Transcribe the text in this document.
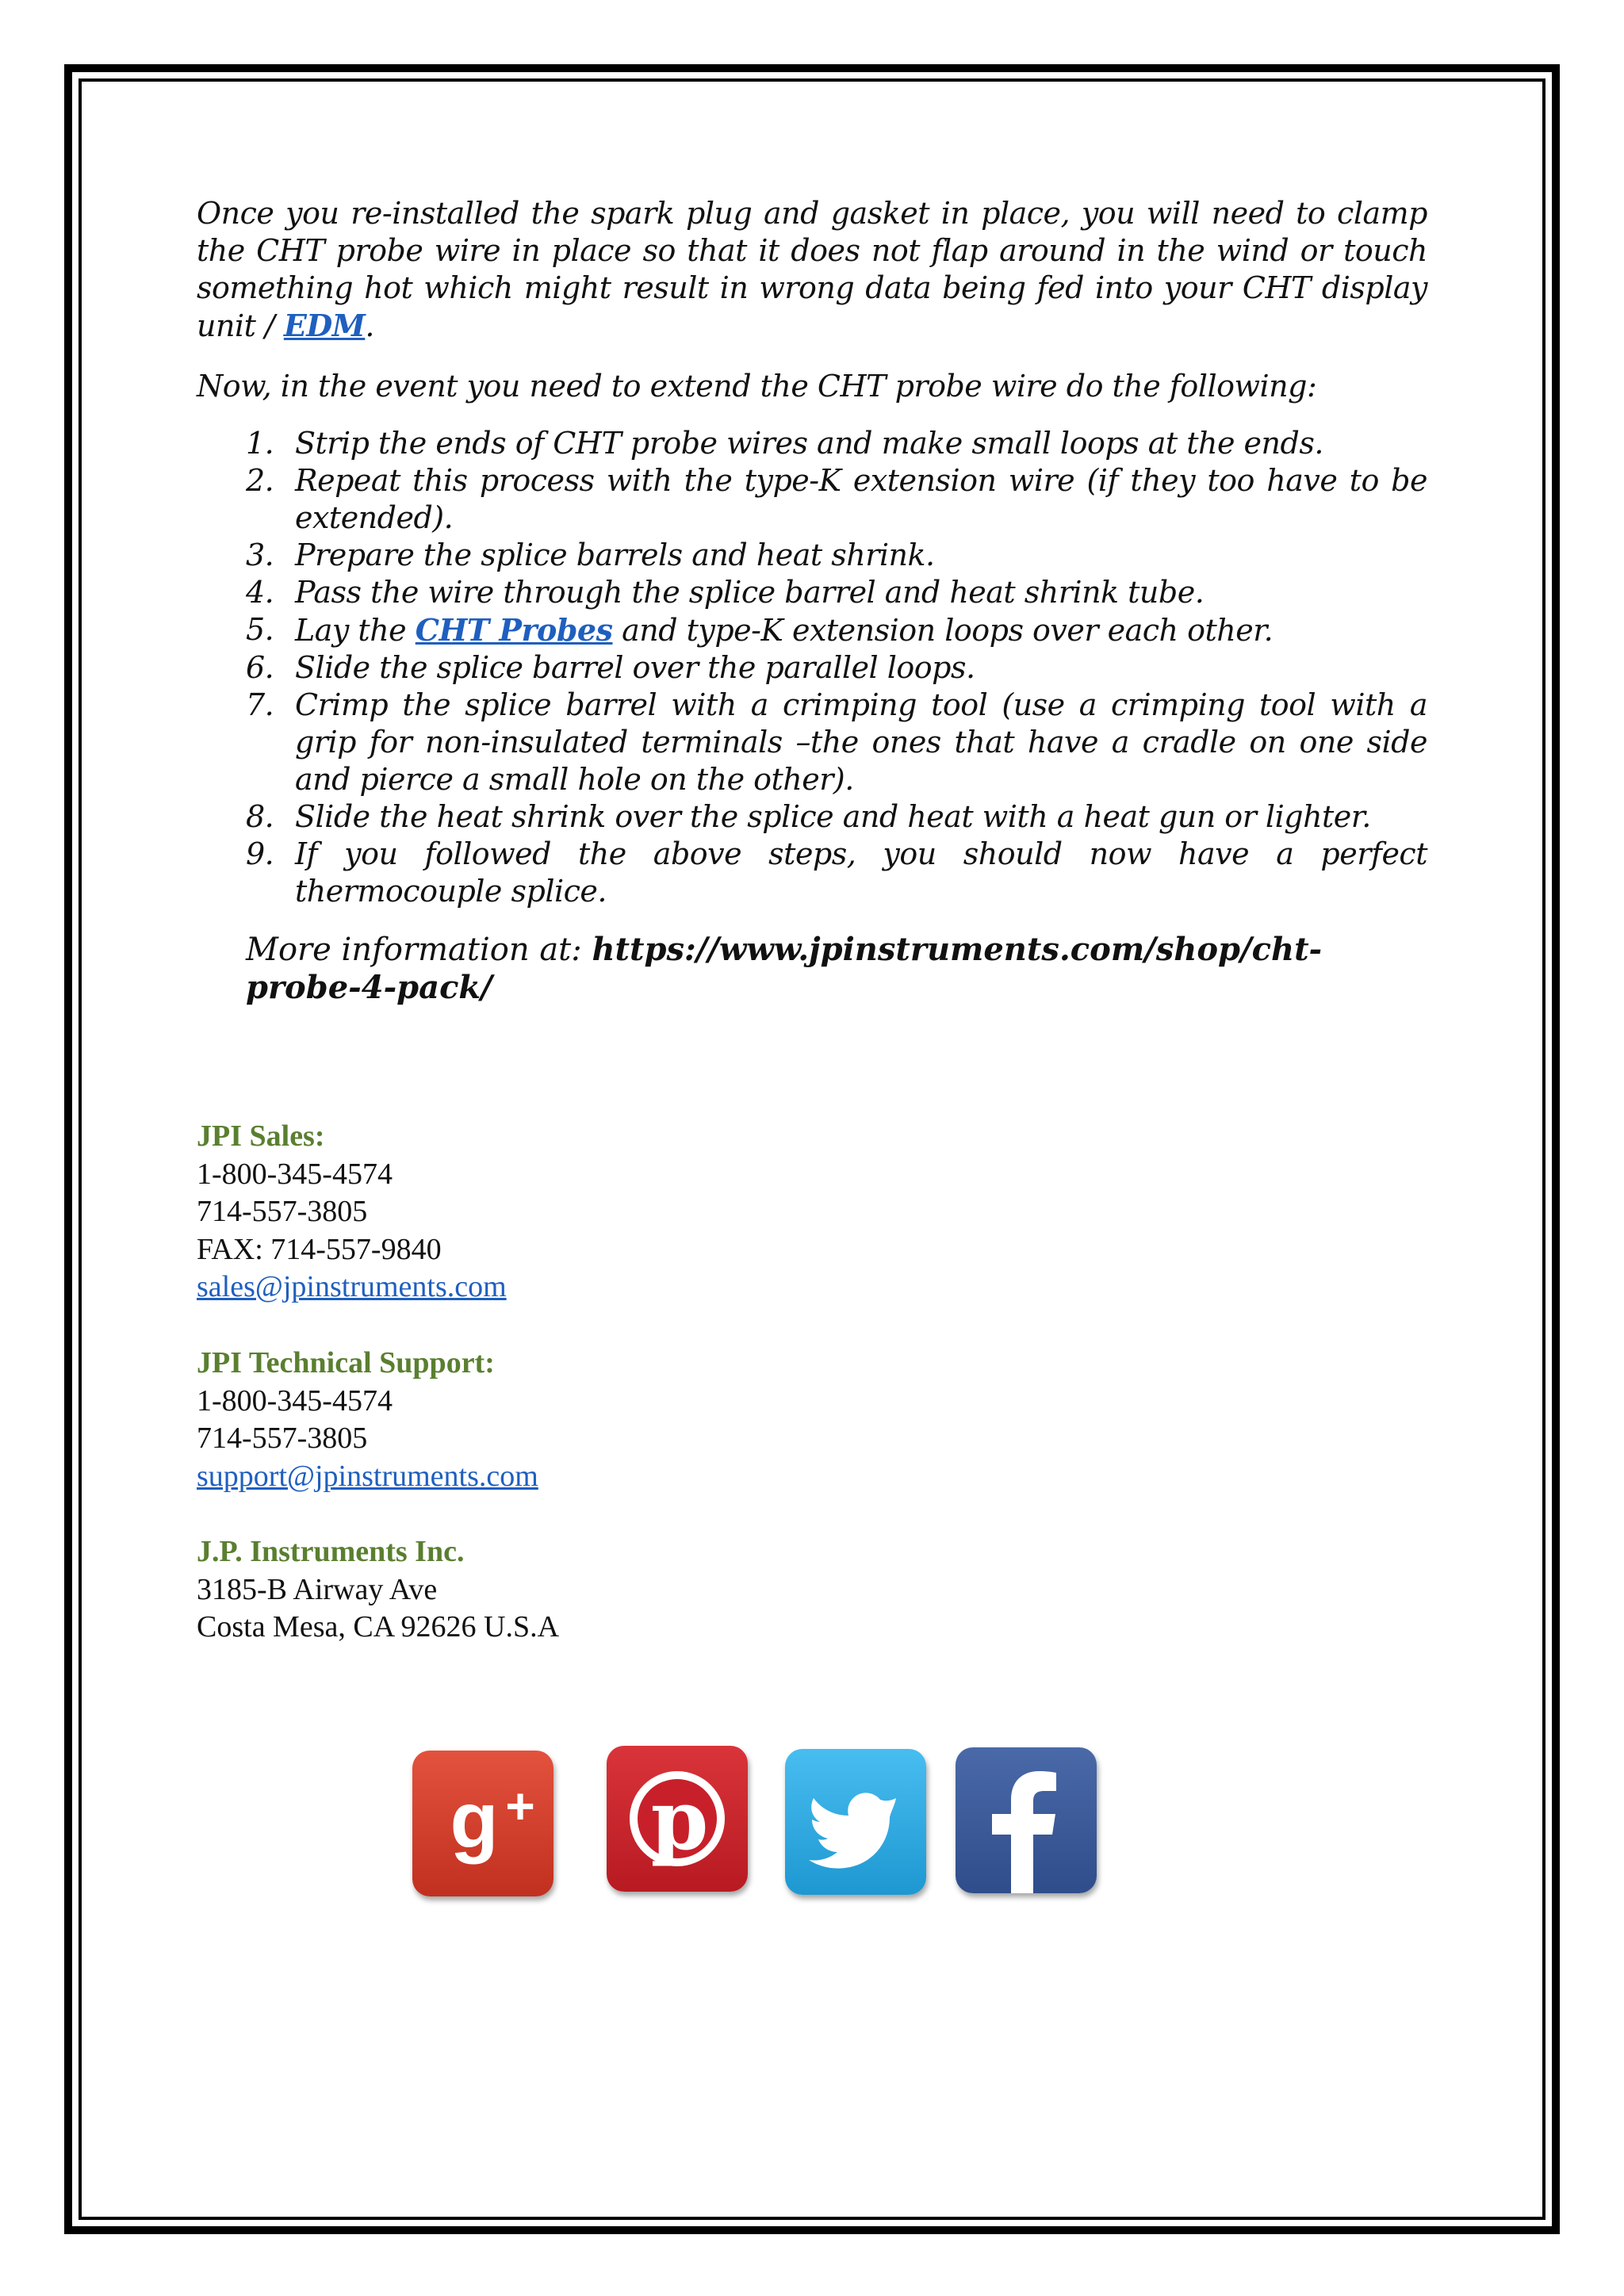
Once you re-installed the spark plug and gasket in place, you will need to clamp the CHT probe wire in place so that it does not flap around in the wind or touch something hot which might result in wrong data being fed into your CHT display unit / EDM.
Now, in the event you need to extend the CHT probe wire do the following:
1. Strip the ends of CHT probe wires and make small loops at the ends.
2. Repeat this process with the type-K extension wire (if they too have to be extended).
3. Prepare the splice barrels and heat shrink.
4. Pass the wire through the splice barrel and heat shrink tube.
5. Lay the CHT Probes and type-K extension loops over each other.
6. Slide the splice barrel over the parallel loops.
7. Crimp the splice barrel with a crimping tool (use a crimping tool with a grip for non-insulated terminals –the ones that have a cradle on one side and pierce a small hole on the other).
8. Slide the heat shrink over the splice and heat with a heat gun or lighter.
9. If you followed the above steps, you should now have a perfect thermocouple splice.
More information at: https://www.jpinstruments.com/shop/cht-probe-4-pack/
JPI Sales:
1-800-345-4574
714-557-3805
FAX: 714-557-9840
sales@jpinstruments.com
JPI Technical Support:
1-800-345-4574
714-557-3805
support@jpinstruments.com
J.P. Instruments Inc.
3185-B Airway Ave
Costa Mesa, CA 92626 U.S.A
g + p
